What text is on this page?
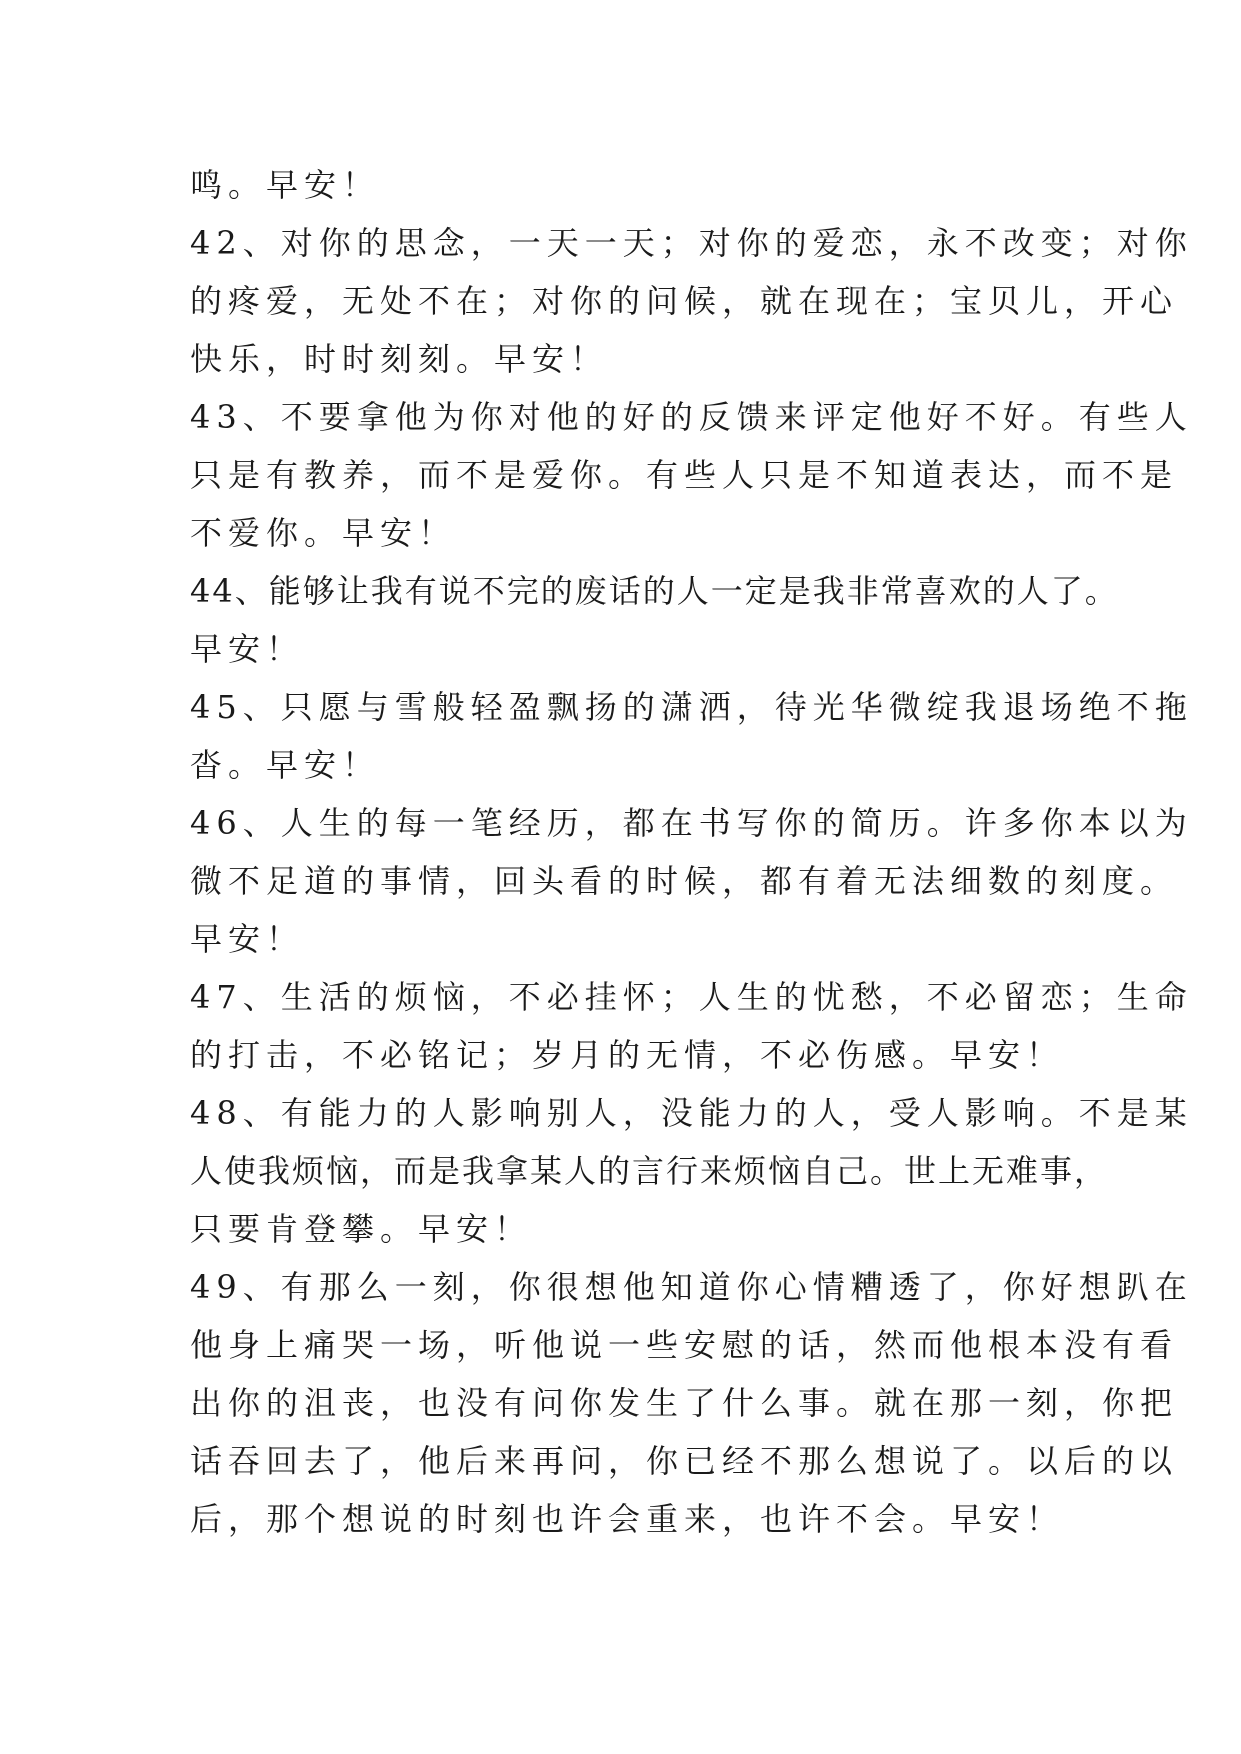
鸣。早安！
42、对你的思念，一天一天；对你的爱恋，永不改变；对你
的疼爱，无处不在；对你的问候，就在现在；宝贝儿，开心
快乐，时时刻刻。早安！
43、不要拿他为你对他的好的反馈来评定他好不好。有些人
只是有教养，而不是爱你。有些人只是不知道表达，而不是
不爱你。早安！
44、能够让我有说不完的废话的人一定是我非常喜欢的人了。
早安！
45、只愿与雪般轻盈飘扬的潇洒，待光华微绽我退场绝不拖
沓。早安！
46、人生的每一笔经历，都在书写你的简历。许多你本以为
微不足道的事情，回头看的时候，都有着无法细数的刻度。
早安！
47、生活的烦恼，不必挂怀；人生的忧愁，不必留恋；生命
的打击，不必铭记；岁月的无情，不必伤感。早安！
48、有能力的人影响别人，没能力的人，受人影响。不是某
人使我烦恼，而是我拿某人的言行来烦恼自己。世上无难事，
只要肯登攀。早安！
49、有那么一刻，你很想他知道你心情糟透了，你好想趴在
他身上痛哭一场，听他说一些安慰的话，然而他根本没有看
出你的沮丧，也没有问你发生了什么事。就在那一刻，你把
话吞回去了，他后来再问，你已经不那么想说了。以后的以
后，那个想说的时刻也许会重来，也许不会。早安！
